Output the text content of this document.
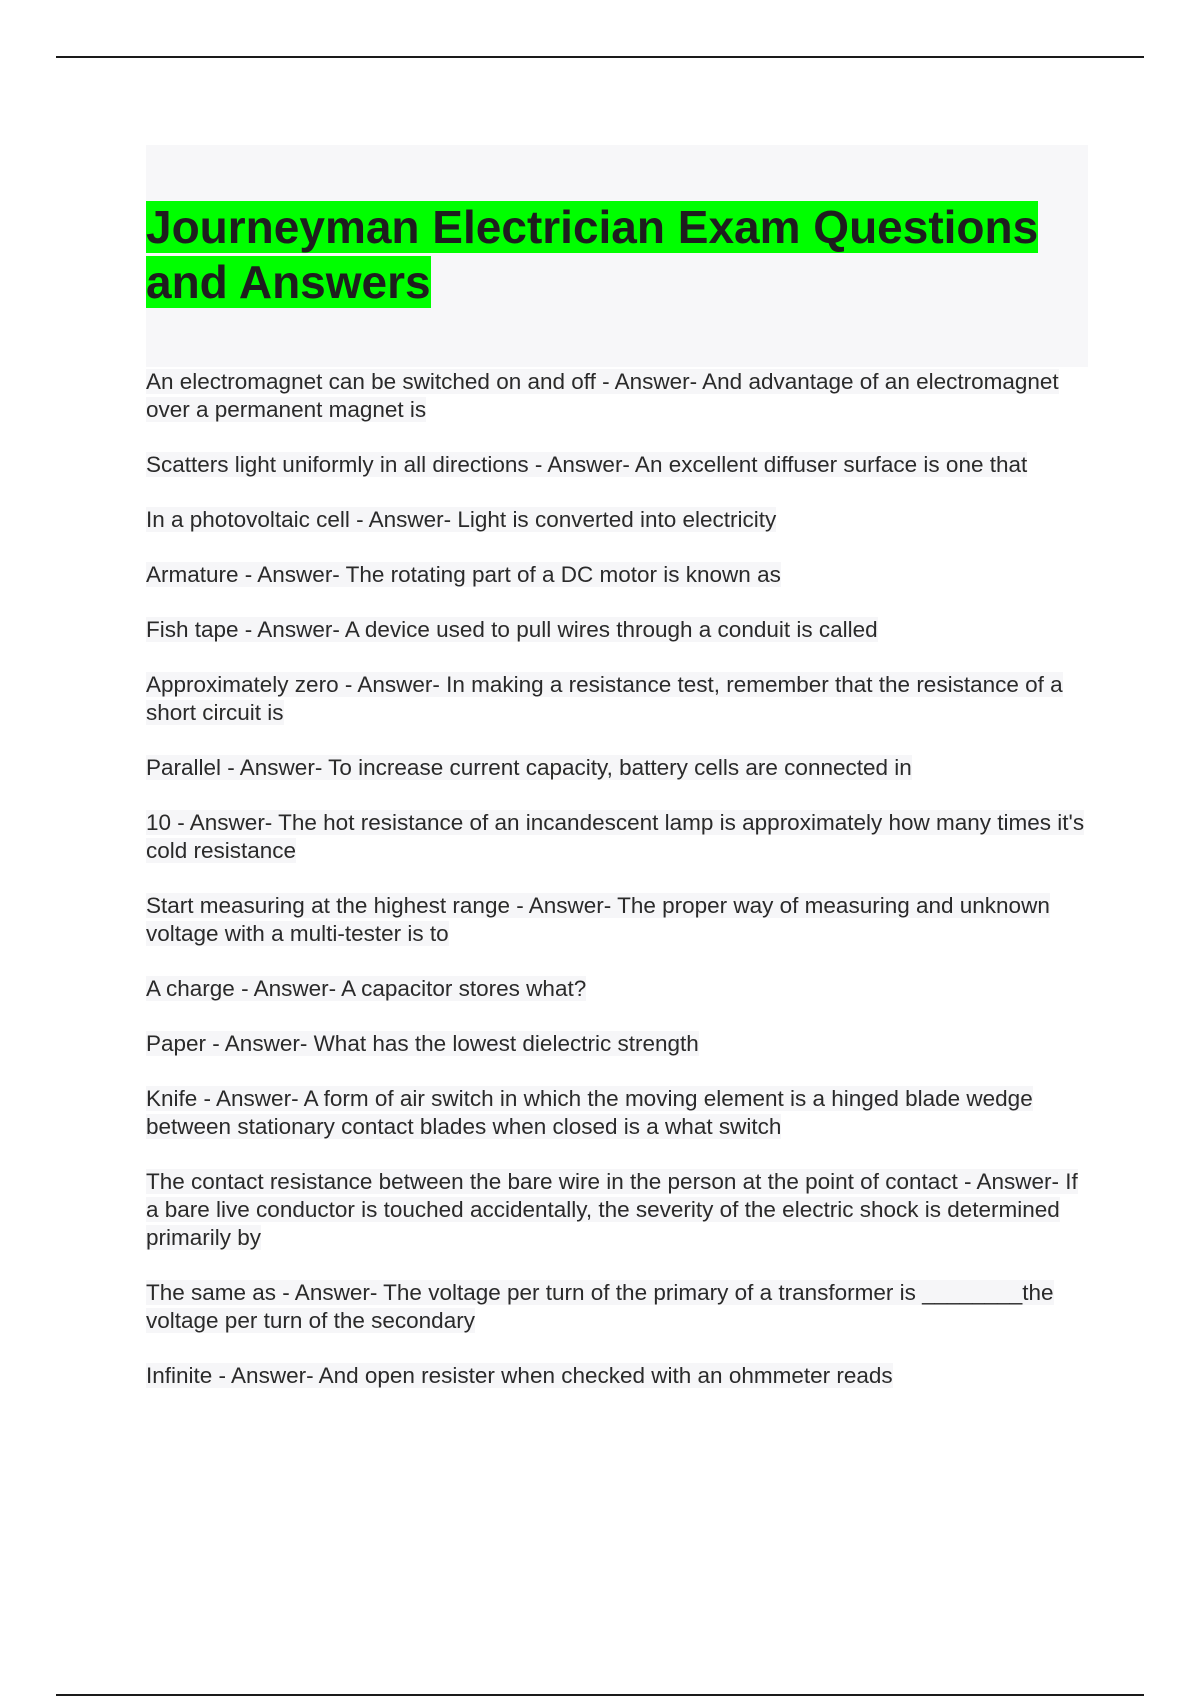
Journeyman Electrician Exam Questions and Answers
An electromagnet can be switched on and off - Answer- And advantage of an electromagnet over a permanent magnet is
Scatters light uniformly in all directions - Answer- An excellent diffuser surface is one that
In a photovoltaic cell - Answer- Light is converted into electricity
Armature - Answer- The rotating part of a DC motor is known as
Fish tape - Answer- A device used to pull wires through a conduit is called
Approximately zero - Answer- In making a resistance test, remember that the resistance of a short circuit is
Parallel - Answer- To increase current capacity, battery cells are connected in
10 - Answer- The hot resistance of an incandescent lamp is approximately how many times it's cold resistance
Start measuring at the highest range - Answer- The proper way of measuring and unknown voltage with a multi-tester is to
A charge - Answer- A capacitor stores what?
Paper - Answer- What has the lowest dielectric strength
Knife - Answer- A form of air switch in which the moving element is a hinged blade wedge between stationary contact blades when closed is a what switch
The contact resistance between the bare wire in the person at the point of contact - Answer- If a bare live conductor is touched accidentally, the severity of the electric shock is determined primarily by
The same as - Answer- The voltage per turn of the primary of a transformer is ________the voltage per turn of the secondary
Infinite - Answer- And open resister when checked with an ohmmeter reads
